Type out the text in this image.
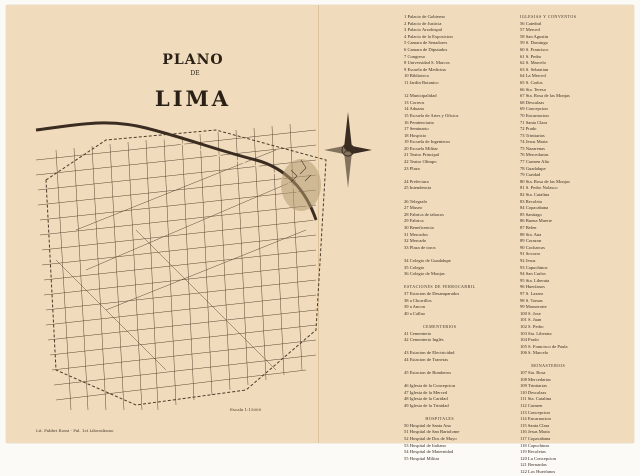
PLANO
DE
LIMA
Escala 1:15000
Lit. Fabbri Rossi - Pal. 1st Liberalismo
1 Palacio de Gobierno
2 Palacio de Justicia
3 Palacio Arzobispal
4 Palacio de la Exposicion
5 Camara de Senadores
6 Camara de Diputados
7 Congreso
8 Universidad S. Marcos
9 Escuela de Medicina
10 Biblioteca
11 Jardin Botanico

12 Municipalidad
13 Correos
14 Aduana
15 Escuela de Artes y Oficios
16 Penitenciaria
17 Seminario
18 Hospicio
19 Escuela de Ingenieros
20 Escuela Militar
21 Teatro Principal
22 Teatro Olimpo
23 Plaza

24 Prefectura
25 Intendencia

26 Telegrafo
27 Museo
28 Fabrica de tabacos
29 Fabrica
30 Beneficencia
31 Mercados
32 Mercado
33 Plaza de toros

34 Colegio de Guadalupe
35 Colegio
36 Colegio de Monjas

ESTACIONES DE FERROCARRIL
37 Estacion de Desamparados
38 a Chorrillos
39 a Ancon
40 a Callao

CEMENTERIOS
41 Cementerio
42 Cementerio Inglés

43 Estacion de Electricidad
44 Estacion de Tranvias

45 Estacion de Bomberos

46 Iglesia de la Concepcion
47 Iglesia de la Merced
48 Iglesia de la Caridad
49 Iglesia de la Trinidad

HOSPITALES
50 Hospital de Santa Ana
51 Hospital de San Bartolome
52 Hospital de Dos de Mayo
53 Hospital de Italiano
54 Hospital de Maternidad
55 Hospital Militar
IGLESIAS Y CONVENTOS
56 Catedral
57 Merced
58 San Agustin
59 S. Domingo
60 S. Francisco
61 S. Pedro
62 S. Marcelo
63 S. Sebastian
64 La Merced
65 S. Carlos
66 Sta. Teresa
67 Sta. Rosa de las Monjas
68 Descalzas
69 Concepcion
70 Encarnacion
71 Santa Clara
72 Prado
73 Trinitarias
74 Jesus Maria
75 Nazarenas
76 Mercedarias
77 Carmen Alto
78 Guadalupe
79 Caridad
80 Sta. Rosa de las Monjas
81 S. Pedro Nolasco
82 Sta. Catalina
83 Recoleta
84 Copacabana
85 Santiago
86 Buena Muerte
87 Belen
88 Sta. Ana
89 Corazon
90 Cocharcas
91 Socorro
92 Jesus
93 Capuchinos
94 San Carlos
95 Sta. Liberata
96 Huerfanos
97 S. Lazaro
98 S. Tomas
99 Monserrate
100 S. Jose
101 S. Juan
102 S. Pedro
103 Sta. Liberata
104 Prado
105 S. Francisco de Paula
106 S. Marcelo

MONASTERIOS
107 Sta. Rosa
108 Mercedarias
109 Trinitarias
110 Descalzas
111 Sta. Catalina
112 Carmen
113 Concepcion
114 Encarnacion
115 Santa Clara
116 Jesus Maria
117 Copacabana
118 Capuchinas
119 Recoletas
120 La Concepcion
121 Bernardas
122 Los Huerfanos
